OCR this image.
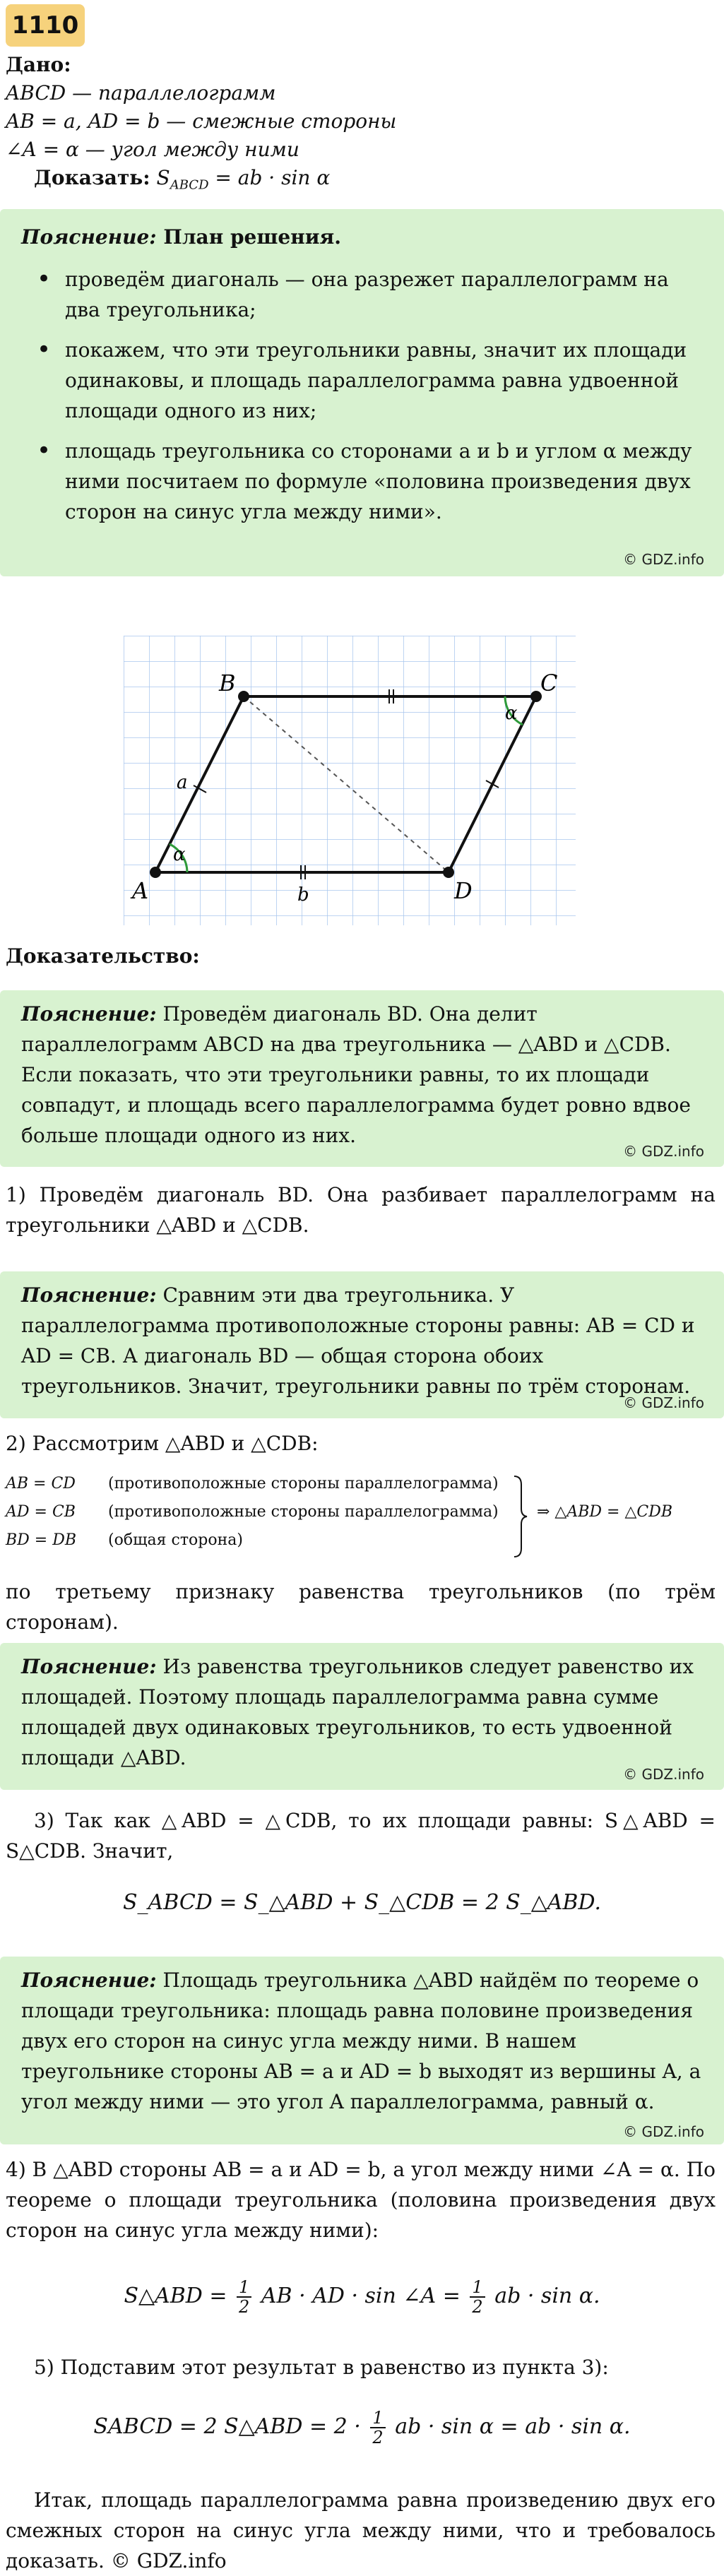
1110
Дано:
ABCD — параллелограмм
AB = a, AD = b — смежные стороны
∠A = α — угол между ними
Доказать: $S_{ABCD}$ = ab · sin α
Пояснение: План решения.
• проведём диагональ — она разрежет параллелограмм на два треугольника;
• покажем, что эти треугольники равны, значит их площади одинаковы, и площадь параллелограмма равна удвоенной площади одного из них;
• площадь треугольника со сторонами a и b и углом α между ними посчитаем по формуле «половина произведения двух сторон на синус угла между ними».
© GDZ.info
A
B	C
D
a
b
α
α
Доказательство:
Пояснение: Проведём диагональ BD. Она делит параллелограмм ABCD на два треугольника — △ABD и △CDB. Если показать, что эти треугольники равны, то их площади совпадут, и площадь всего параллелограмма будет ровно вдвое больше площади одного из них.
© GDZ.info
1) Проведём диагональ BD. Она разбивает параллелограмм на треугольники △ABD и △CDB.
Пояснение: Сравним эти два треугольника. У параллелограмма противоположные стороны равны: AB = CD и AD = CB. А диагональ BD — общая сторона обоих треугольников. Значит, треугольники равны по трём сторонам.
© GDZ.info
2) Рассмотрим △ABD и △CDB:
AB = CD (противоположные стороны параллелограмма)
AD = CB (противоположные стороны параллелограмма)
BD = DB (общая сторона)
⇒ △ABD = △CDB
по третьему признаку равенства треугольников (по трём сторонам).
Пояснение: Из равенства треугольников следует равенство их площадей. Поэтому площадь параллелограмма равна сумме площадей двух одинаковых треугольников, то есть удвоенной площади △ABD.
© GDZ.info
3) Так как △ABD = △CDB, то их площади равны: S△ABD = S△CDB. Значит,
S_ABCD = S_△ABD + S_△CDB = 2 S_△ABD.
Пояснение: Площадь треугольника △ABD найдём по теореме о площади треугольника: площадь равна половине произведения двух его сторон на синус угла между ними. В нашем треугольнике стороны AB = a и AD = b выходят из вершины A, а угол между ними — это угол A параллелограмма, равный α.
© GDZ.info
4) В △ABD стороны AB = a и AD = b, а угол между ними ∠A = α. По теореме о площади треугольника (половина произведения двух сторон на синус угла между ними):
S△ABD = $\frac{1}{2}$ AB · AD · sin ∠A = $\frac{1}{2}$ ab · sin α.
5) Подставим этот результат в равенство из пункта 3):
SABCD = 2 S△ABD = $2 \cdot \frac{1}{2}$ ab · sin α = ab · sin α.
Итак, площадь параллелограмма равна произведению двух его смежных сторон на синус угла между ними, что и требовалось доказать. © GDZ.info
